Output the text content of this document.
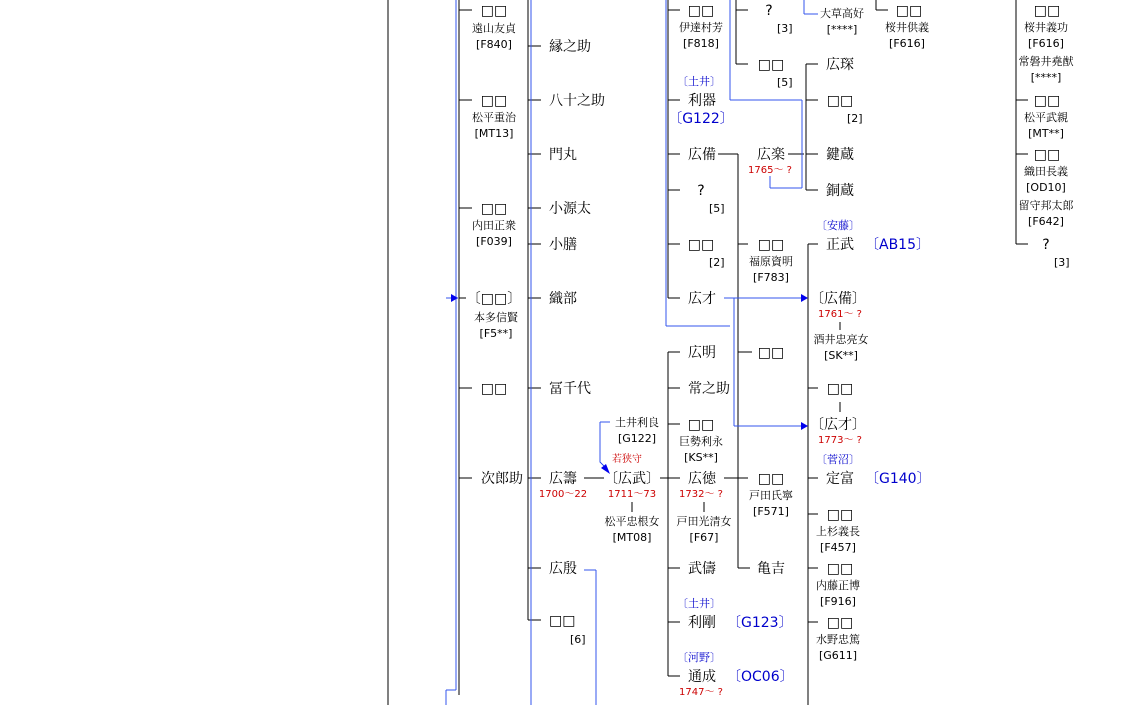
□□
遠山友貞
[F840]	縁之助
□□	八十之助
松平重治
[MT13]
門丸
□□	小源太
内田正衆
[F039]	小膳
〔□□〕 織部
本多信賢
[F5**]
□□	冨千代
次郎助 広籌
1700～22
広殷
□□
[6]
土井利良
[G122]
若狭守
〔広武〕
1711～73
松平忠根女
[MT08]
□□
伊達村芳
[F818]
〔土井〕
利器
〔G122〕
広備
?
[5]
□□
[2]
広才
広明
常之助
□□
巨勢利永
[KS**]
広徳
1732～ ?
戸田光清女
[F67]
武儔
〔土井〕
利剛 〔G123〕
〔河野〕
通成 〔OC06〕
1747～ ?
?
[3]
□□
[5]
広楽
1765～ ?
□□
福原資明
[F783]
□□
□□
戸田氏寧
[F571]
亀吉
大草高好
[****]
広琛
□□
[2]
鍵蔵
銅蔵
〔安藤〕
正武 〔AB15〕
〔広備〕
1761～ ?
酒井忠亮女
[SK**]
□□
〔広才〕
1773～ ?
〔菅沼〕
定富 〔G140〕
□□
上杉義長
[F457]
□□
内藤正博
[F916]
□□
水野忠篤
[G611]
□□
桜井供義
[F616]
□□
桜井義功
[F616]
常磐井堯猷
[****]
□□
松平武親
[MT**]
□□
織田長義
[OD10]
留守邦太郎
[F642]
?
[3]
